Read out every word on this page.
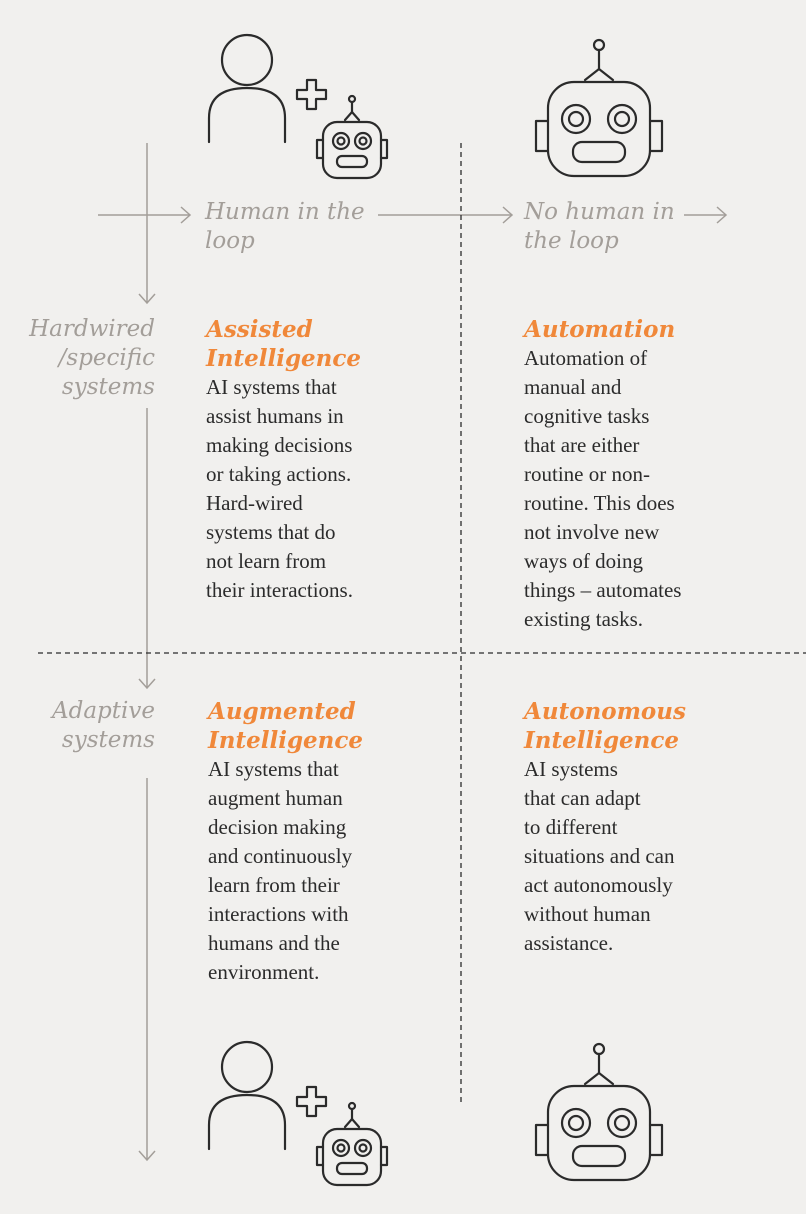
Human in the
loop
No human in
the loop
Hardwired
/specific
systems
Adaptive
systems

Assisted
Intelligence

AI systems that
assist humans in
making decisions
or taking actions.
Hard-wired
systems that do
not learn from
their interactions.

Automation

Automation of
manual and
cognitive tasks
that are either
routine or non-
routine. This does
not involve new
ways of doing
things – automates
existing tasks.

Augmented
Intelligence

AI systems that
augment human
decision making
and continuously
learn from their
interactions with
humans and the
environment.

Autonomous
Intelligence

AI systems
that can adapt
to different
situations and can
act autonomously
without human
assistance.
